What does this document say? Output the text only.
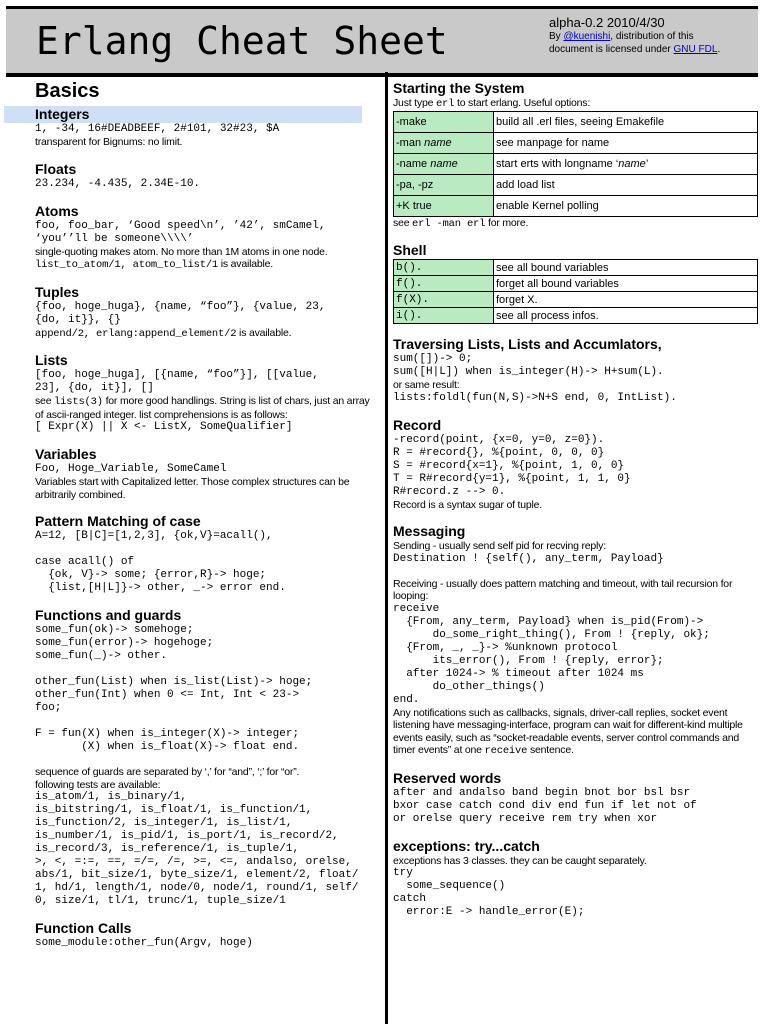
Erlang Cheat Sheet	alpha-0.2 2010/4/30
By @kuenishi, distribution of this
document is licensed under GNU FDL.
Basics
Integers
1, -34, 16#DEADBEEF, 2#101, 32#23, $A
transparent for Bignums: no limit.
Floats
23.234, -4.435, 2.34E-10.
Atoms
foo, foo_bar, ‘Good speed\n’, ’42’, smCamel,
‘you’’ll be someone\\\\’
single-quoting makes atom. No more than 1M atoms in one node.
list_to_atom/1, atom_to_list/1 is available.
Tuples
{foo, hoge_huga}, {name, “foo”}, {value, 23,
{do, it}}, {}
append/2, erlang:append_element/2 is available.
Lists
[foo, hoge_huga], [{name, “foo”}], [[value,
23], {do, it}], []
see lists(3) for more good handlings. String is list of chars, just an array of ascii-ranged integer. list comprehensions is as follows:
[ Expr(X) || X <- ListX, SomeQualifier]
Variables
Foo, Hoge_Variable, SomeCamel
Variables start with Capitalized letter. Those complex structures can be arbitrarily combined.
Pattern Matching of case
A=12, [B|C]=[1,2,3], {ok,V}=acall(),

case acall() of
{ok, V}-> some; {error,R}-> hoge;
{list,[H|L]}-> other, _-> error end.
Functions and guards
some_fun(ok)-> somehoge;
some_fun(error)-> hogehoge;
some_fun(_)-> other.

other_fun(List) when is_list(List)-> hoge;
other_fun(Int) when 0 <= Int, Int < 23->
foo;

F = fun(X) when is_integer(X)-> integer;
(X) when is_float(X)-> float end.
sequence of guards are separated by ‘,’ for “and”, ‘;’ for “or”.
following tests are available:
is_atom/1, is_binary/1,
is_bitstring/1, is_float/1, is_function/1,
is_function/2, is_integer/1, is_list/1,
is_number/1, is_pid/1, is_port/1, is_record/2,
is_record/3, is_reference/1, is_tuple/1,
>, <, =:=, ==, =/=, /=, >=, <=, andalso, orelse,
abs/1, bit_size/1, byte_size/1, element/2, float/
1, hd/1, length/1, node/0, node/1, round/1, self/
0, size/1, tl/1, trunc/1, tuple_size/1
Function Calls
some_module:other_fun(Argv, hoge)
Starting the System
Just type erl to start erlang. Useful options:
-make	build all .erl files, seeing Emakefile
-man name	see manpage for name
-name name	start erts with longname ‘name’
-pa, -pz	add load list
+K true	enable Kernel polling
see erl -man erl for more.
Shell
b().	see all bound variables
f().	forget all bound variables
f(X).	forget X.
i().	see all process infos.
Traversing Lists, Lists and Accumlators,
sum([])-> 0;
sum([H|L]) when is_integer(H)-> H+sum(L).
or same result:
lists:foldl(fun(N,S)->N+S end, 0, IntList).
Record
-record(point, {x=0, y=0, z=0}).
R = #record{}, %{point, 0, 0, 0}
S = #record{x=1}, %{point, 1, 0, 0}
T = R#record{y=1}, %{point, 1, 1, 0}
R#record.z --> 0.
Record is a syntax sugar of tuple.
Messaging
Sending - usually send self pid for recving reply:
Destination ! {self(), any_term, Payload}
Receiving - usually does pattern matching and timeout, with tail recursion for looping:
receive
{From, any_term, Payload} when is_pid(From)->
do_some_right_thing(), From ! {reply, ok};
{From, _, _}-> %unknown protocol
its_error(), From ! {reply, error};
after 1024-> % timeout after 1024 ms
do_other_things()
end.
Any notifications such as callbacks, signals, driver-call replies, socket event listening have messaging-interface, program can wait for different-kind multiple events easily, such as “socket-readable events, server control commands and timer events” at one receive sentence.
Reserved words
after and andalso band begin bnot bor bsl bsr
bxor case catch cond div end fun if let not of
or orelse query receive rem try when xor
exceptions: try...catch
exceptions has 3 classes. they can be caught separately.
try
some_sequence()
catch
error:E -> handle_error(E);
